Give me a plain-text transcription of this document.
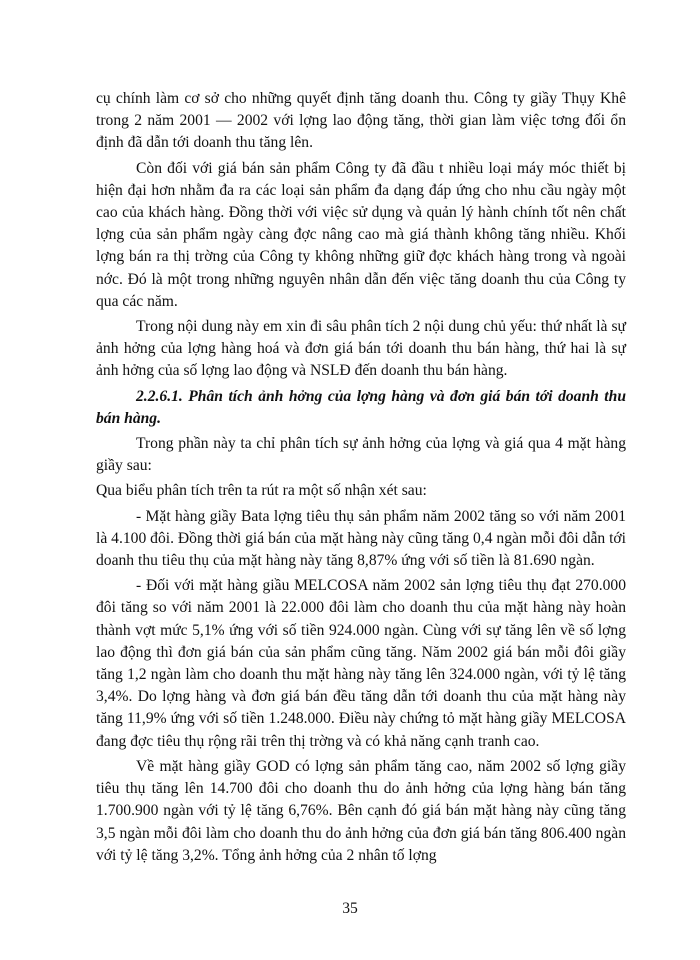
cụ chính làm cơ sở cho những quyết định tăng doanh thu. Công ty giầy Thụy Khê trong 2 năm 2001 — 2002 với lợng lao động tăng, thời gian làm việc tơng đối ổn định đã dẫn tới doanh thu tăng lên.

Còn đối với giá bán sản phẩm Công ty đã đầu t nhiều loại máy móc thiết bị hiện đại hơn nhằm đa ra các loại sản phẩm đa dạng đáp ứng cho nhu cầu ngày một cao của khách hàng. Đồng thời với việc sử dụng và quản lý hành chính tốt nên chất lợng của sản phẩm ngày càng đợc nâng cao mà giá thành không tăng nhiều. Khối lợng bán ra thị trờng của Công ty không những giữ đợc khách hàng trong và ngoài nớc. Đó là một trong những nguyên nhân dẫn đến việc tăng doanh thu của Công ty qua các năm.

Trong nội dung này em xin đi sâu phân tích 2 nội dung chủ yếu: thứ nhất là sự ảnh hởng của lợng hàng hoá và đơn giá bán tới doanh thu bán hàng, thứ hai là sự ảnh hởng của số lợng lao động và NSLĐ đến doanh thu bán hàng.

2.2.6.1. Phân tích ảnh hởng của lợng hàng và đơn giá bán tới doanh thu bán hàng.

Trong phần này ta chỉ phân tích sự ảnh hởng của lợng và giá qua 4 mặt hàng giầy sau:

Qua biểu phân tích trên ta rút ra một số nhận xét sau:

- Mặt hàng giầy Bata lợng tiêu thụ sản phẩm năm 2002 tăng so với năm 2001 là 4.100 đôi. Đồng thời giá bán của mặt hàng này cũng tăng 0,4 ngàn mỗi đôi dẫn tới doanh thu tiêu thụ của mặt hàng này tăng 8,87% ứng với số tiền là 81.690 ngàn.

- Đối với mặt hàng giầu MELCOSA năm 2002 sản lợng tiêu thụ đạt 270.000 đôi tăng so với năm 2001 là 22.000 đôi làm cho doanh thu của mặt hàng này hoàn thành vợt mức 5,1% ứng với số tiền 924.000 ngàn. Cùng với sự tăng lên về số lợng lao động thì đơn giá bán của sản phẩm cũng tăng. Năm 2002 giá bán mỗi đôi giầy tăng 1,2 ngàn làm cho doanh thu mặt hàng này tăng lên 324.000 ngàn, với tỷ lệ tăng 3,4%. Do lợng hàng và đơn giá bán đều tăng dẫn tới doanh thu của mặt hàng này tăng 11,9% ứng với số tiền 1.248.000. Điều này chứng tỏ mặt hàng giầy MELCOSA đang đợc tiêu thụ rộng rãi trên thị trờng và có khả năng cạnh tranh cao.

Về mặt hàng giầy GOD có lợng sản phẩm tăng cao, năm 2002 số lợng giầy tiêu thụ tăng lên 14.700 đôi cho doanh thu do ảnh hởng của lợng hàng bán tăng 1.700.900 ngàn với tỷ lệ tăng 6,76%. Bên cạnh đó giá bán mặt hàng này cũng tăng 3,5 ngàn mỗi đôi làm cho doanh thu do ảnh hởng của đơn giá bán tăng 806.400 ngàn với tỷ lệ tăng 3,2%. Tổng ảnh hởng của 2 nhân tố lợng

35
